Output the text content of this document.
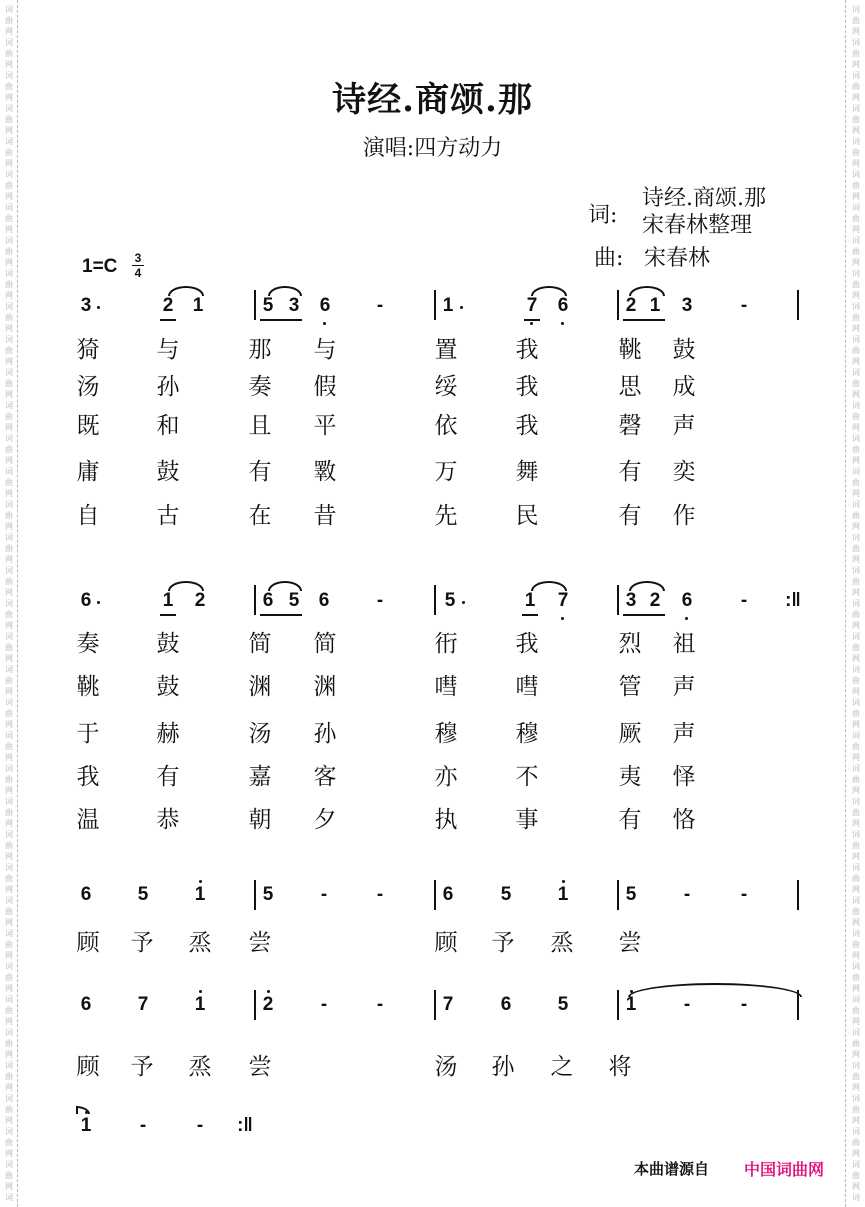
词
曲
网
词
曲
网
词
曲
网
词
曲
网
词
曲
网
词
曲
网
词
曲
网
词
曲
网
词
曲
网
词
曲
网
词
曲
网
词
曲
网
词
曲
网
词
曲
网
词
曲
网
词
曲
网
词
曲
网
词
曲
网
词
曲
网
词
曲
网
词
曲
网
词
曲
网
词
曲
网
词
曲
网
词
曲
网
词
曲
网
词
曲
网
词
曲
网
词
曲
网
词
曲
网
词
曲
网
词
曲
网
词
曲
网
词
曲
网
词
曲
网
词
曲
网
词
词
曲
网
词
曲
网
词
曲
网
词
曲
网
词
曲
网
词
曲
网
词
曲
网
词
曲
网
词
曲
网
词
曲
网
词
曲
网
词
曲
网
词
曲
网
词
曲
网
词
曲
网
词
曲
网
词
曲
网
词
曲
网
词
曲
网
词
曲
网
词
曲
网
词
曲
网
词
曲
网
词
曲
网
词
曲
网
词
曲
网
词
曲
网
词
曲
网
词
曲
网
词
曲
网
词
曲
网
词
曲
网
词
曲
网
词
曲
网
词
曲
网
词
曲
网
词
诗经.商颂.那
演唱:四方动力
词:
诗经.商颂.那
宋春林整理
曲: 宋春林
1=C 3
4
3	2 1	5 3 6	-	1	7 6	2 1 3	-
猗 与	那 与	置	我	鞉 鼓
汤 孙	奏 假	绥	我	思 成
既 和	且 平	依	我	磬 声
庸 鼓	有 斁	万	舞	有 奕
自 古	在 昔	先	民	有 作
6	1 2	6 5 6	-	5	1 7	3 2 6	-	:‖
奏 鼓	简 简	衎	我	烈 祖
鞉 鼓	渊 渊	嘒	嘒	管 声
于 赫	汤 孙	穆	穆	厥 声
我 有	嘉 客	亦	不	夷 怿
温 恭	朝 夕	执	事	有 恪
6 5 1	5	-	-	6 5 1	5	-	-
顾 予 烝 尝	顾 予 烝 尝
6 7 1	2	-	-	7 6 5	1	-	-
顾 予 烝 尝	汤 孙 之 将
1	-	-	:‖
本曲谱源自 中国词曲网
